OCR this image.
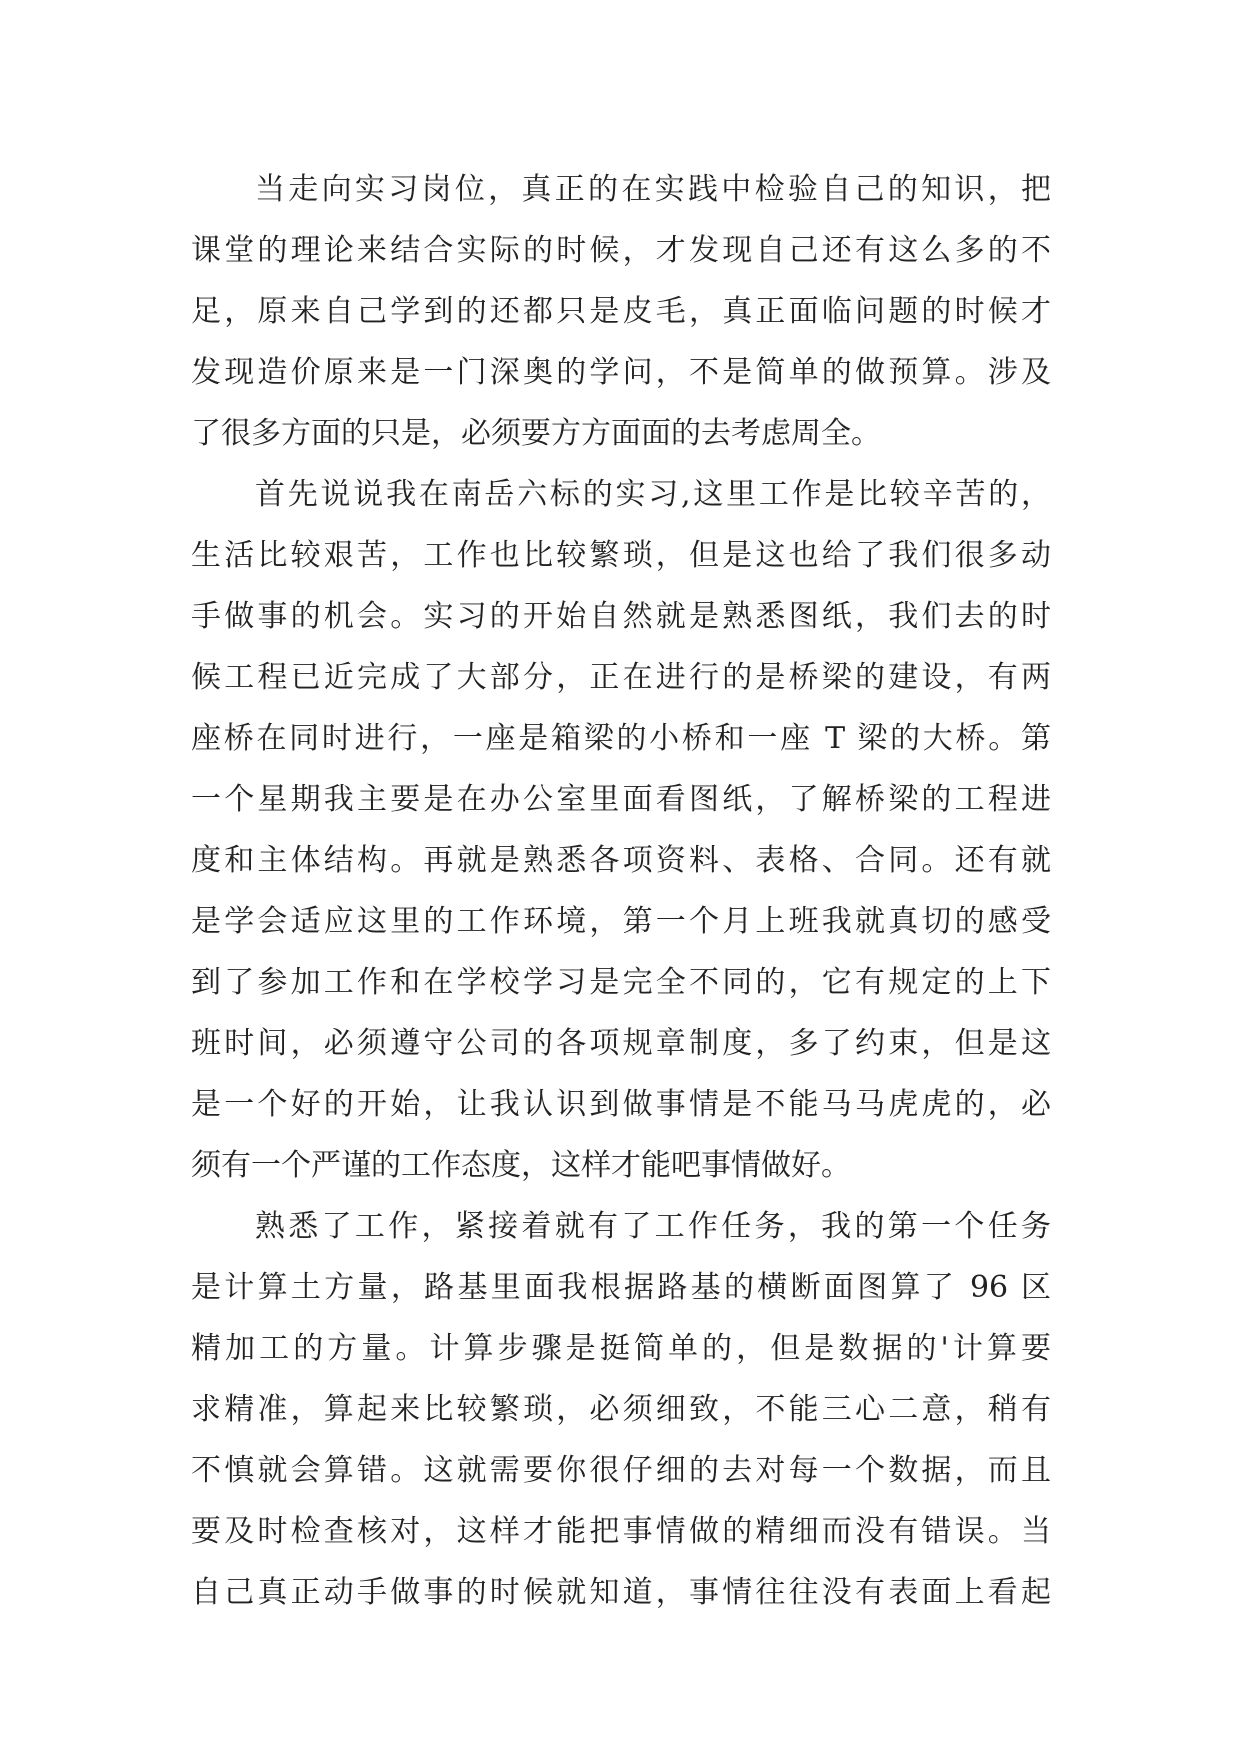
当走向实习岗位，真正的在实践中检验自己的知识，把
课堂的理论来结合实际的时候，才发现自己还有这么多的不
足，原来自己学到的还都只是皮毛，真正面临问题的时候才
发现造价原来是一门深奥的学问，不是简单的做预算。涉及
了很多方面的只是，必须要方方面面的去考虑周全。
首先说说我在南岳六标的实习,这里工作是比较辛苦的，
生活比较艰苦，工作也比较繁琐，但是这也给了我们很多动
手做事的机会。实习的开始自然就是熟悉图纸，我们去的时
候工程已近完成了大部分，正在进行的是桥梁的建设，有两
座桥在同时进行，一座是箱梁的小桥和一座 T 梁的大桥。第
一个星期我主要是在办公室里面看图纸，了解桥梁的工程进
度和主体结构。再就是熟悉各项资料、表格、合同。还有就
是学会适应这里的工作环境，第一个月上班我就真切的感受
到了参加工作和在学校学习是完全不同的，它有规定的上下
班时间，必须遵守公司的各项规章制度，多了约束，但是这
是一个好的开始，让我认识到做事情是不能马马虎虎的，必
须有一个严谨的工作态度，这样才能吧事情做好。
熟悉了工作，紧接着就有了工作任务，我的第一个任务
是计算土方量，路基里面我根据路基的横断面图算了 96 区
精加工的方量。计算步骤是挺简单的，但是数据的'计算要
求精准，算起来比较繁琐，必须细致，不能三心二意，稍有
不慎就会算错。这就需要你很仔细的去对每一个数据，而且
要及时检查核对，这样才能把事情做的精细而没有错误。当
自己真正动手做事的时候就知道，事情往往没有表面上看起
